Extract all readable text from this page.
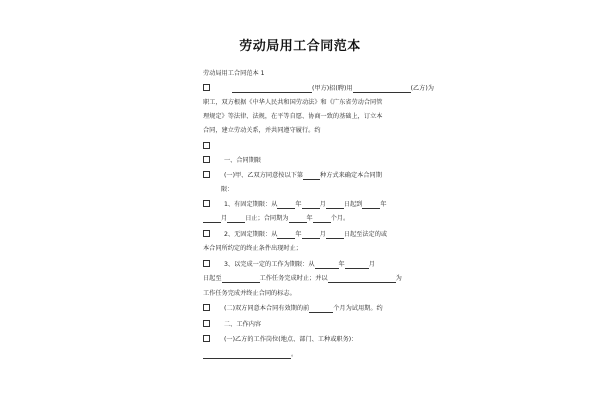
劳动局用工合同范本
劳动局用工合同范本 1
(甲方)招(聘)用	(乙方)为
职工，双方根据《中华人民共和国劳动法》和《广东省劳动合同管
理规定》等法律、法规，在平等自愿、协商一致的基础上，订立本
合同，建立劳动关系，并共同遵守履行。约
一、合同期限
(一)甲、乙双方同意按以下第	种方式来确定本合同期
限：
1、有固定期限：从	年	月	日起到	年
月	日止；合同期为	年	个月。
2、无固定期限：从	年	月	日起至法定的或
本合同所约定的终止条件出现时止；
3、以完成一定的工作为期限：从	年	月
日起至	工作任务完成时止；并以	为
工作任务完成并终止合同的标志。
(二)双方同意本合同有效期的前	个月为试用期。约
二、工作内容
(一)乙方的工作岗位(地点、部门、工种或职务)：
。
